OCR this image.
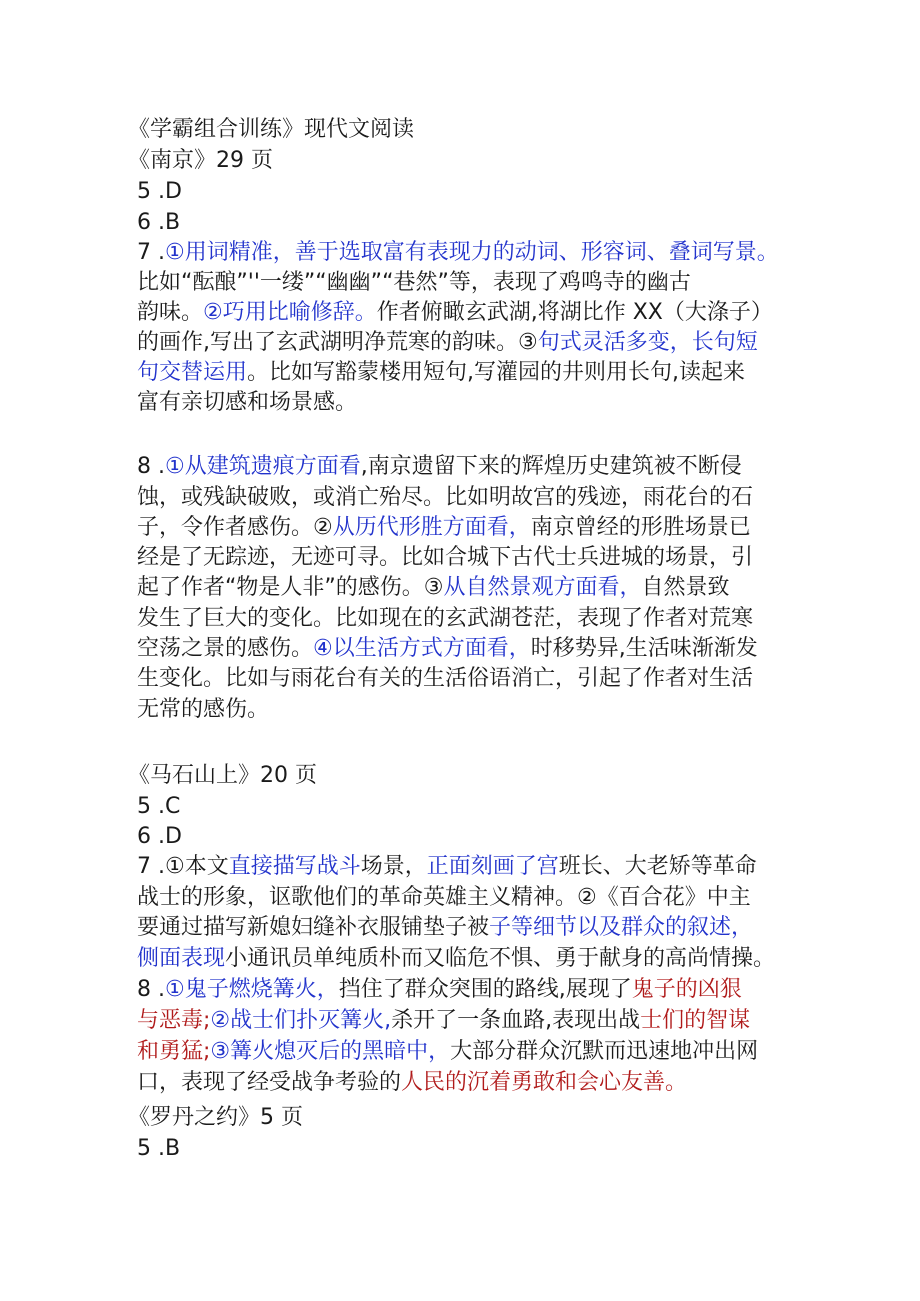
《学霸组合训练》现代文阅读

《南京》29 页

5 .D

6 .B

7 .①用词精准，善于选取富有表现力的动词、形容词、叠词写景。

比如“酝酿”''一缕”“幽幽”“巷然”等，表现了鸡鸣寺的幽古

韵味。②巧用比喻修辞。作者俯瞰玄武湖,将湖比作 XX（大涤子）

的画作,写出了玄武湖明净荒寒的韵味。③句式灵活多变，长句短

句交替运用。比如写豁蒙楼用短句,写灌园的井则用长句,读起来

富有亲切感和场景感。

8 .①从建筑遗痕方面看,南京遗留下来的辉煌历史建筑被不断侵

蚀，或残缺破败，或消亡殆尽。比如明故宫的残迹，雨花台的石

子，令作者感伤。②从历代形胜方面看，南京曾经的形胜场景已

经是了无踪迹，无迹可寻。比如合城下古代士兵进城的场景，引

起了作者“物是人非”的感伤。③从自然景观方面看，自然景致

发生了巨大的变化。比如现在的玄武湖苍茫，表现了作者对荒寒

空荡之景的感伤。④以生活方式方面看，时移势异,生活味渐渐发

生变化。比如与雨花台有关的生活俗语消亡，引起了作者对生活

无常的感伤。

《马石山上》20 页

5 .C

6 .D

7 .①本文直接描写战斗场景，正面刻画了宫班长、大老矫等革命

战士的形象，讴歌他们的革命英雄主义精神。②《百合花》中主

要通过描写新媳妇缝补衣服铺垫子被子等细节以及群众的叙述，

侧面表现小通讯员单纯质朴而又临危不惧、勇于献身的高尚情操。

8 .①鬼子燃烧篝火，挡住了群众突围的路线,展现了鬼子的凶狠

与恶毒;②战士们扑灭篝火,杀开了一条血路,表现出战士们的智谋

和勇猛;③篝火熄灭后的黑暗中，大部分群众沉默而迅速地冲出网

口，表现了经受战争考验的人民的沉着勇敢和会心友善。

《罗丹之约》5 页

5 .B
